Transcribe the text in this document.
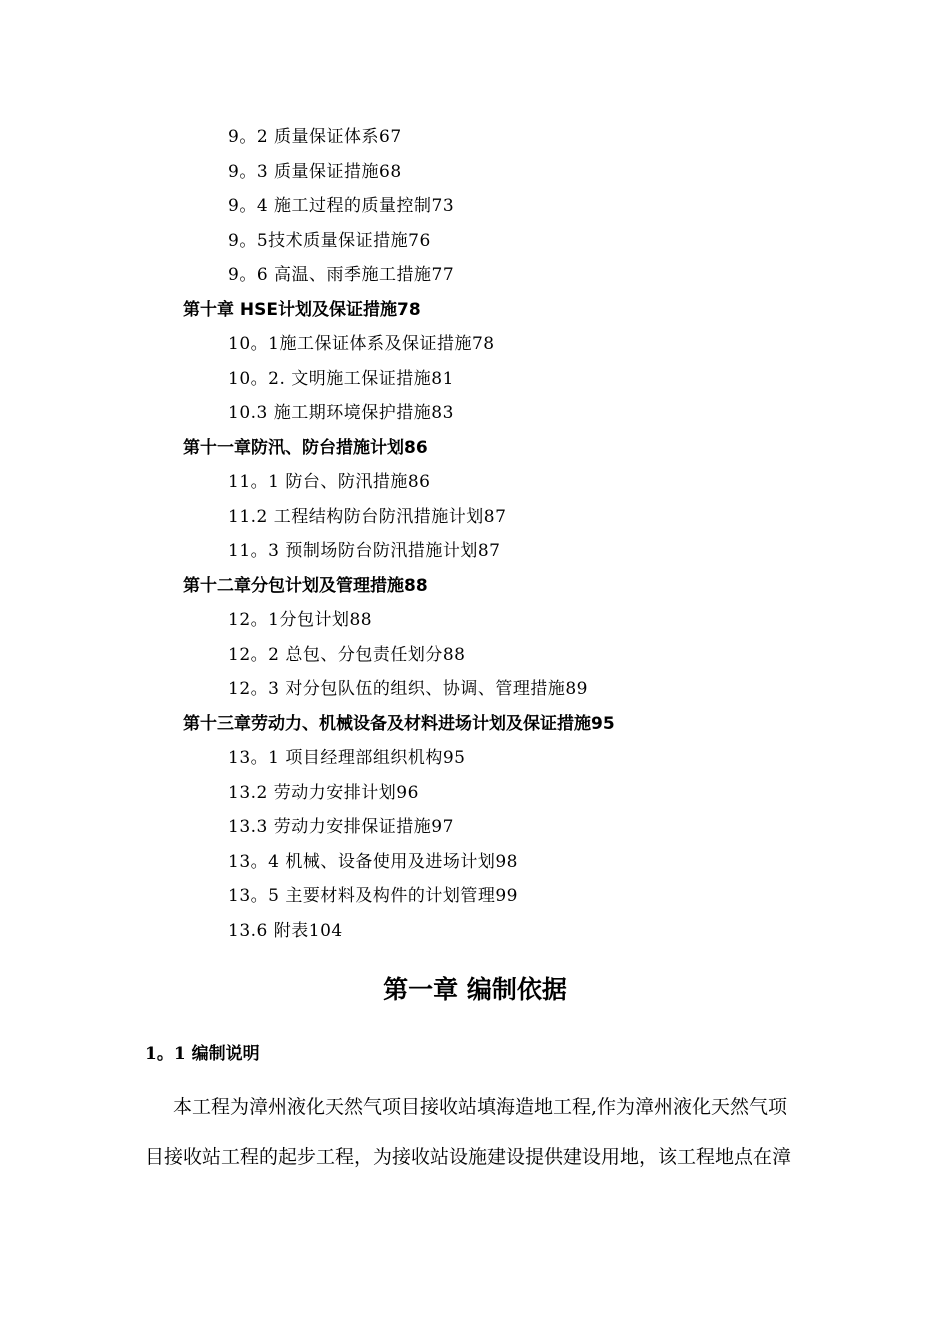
9。2 质量保证体系67
9。3 质量保证措施68
9。4 施工过程的质量控制73
9。5技术质量保证措施76
9。6 高温、雨季施工措施77
第十章 HSE计划及保证措施78
10。1施工保证体系及保证措施78
10。2. 文明施工保证措施81
10.3 施工期环境保护措施83
第十一章防汛、防台措施计划86
11。1 防台、防汛措施86
11.2 工程结构防台防汛措施计划87
11。3 预制场防台防汛措施计划87
第十二章分包计划及管理措施88
12。1分包计划88
12。2 总包、分包责任划分88
12。3 对分包队伍的组织、协调、管理措施89
第十三章劳动力、机械设备及材料进场计划及保证措施95
13。1 项目经理部组织机构95
13.2 劳动力安排计划96
13.3 劳动力安排保证措施97
13。4 机械、设备使用及进场计划98
13。5 主要材料及构件的计划管理99
13.6 附表104
第一章 编制依据
1。1 编制说明
本工程为漳州液化天然气项目接收站填海造地工程,作为漳州液化天然气项
目接收站工程的起步工程，为接收站设施建设提供建设用地，该工程地点在漳
